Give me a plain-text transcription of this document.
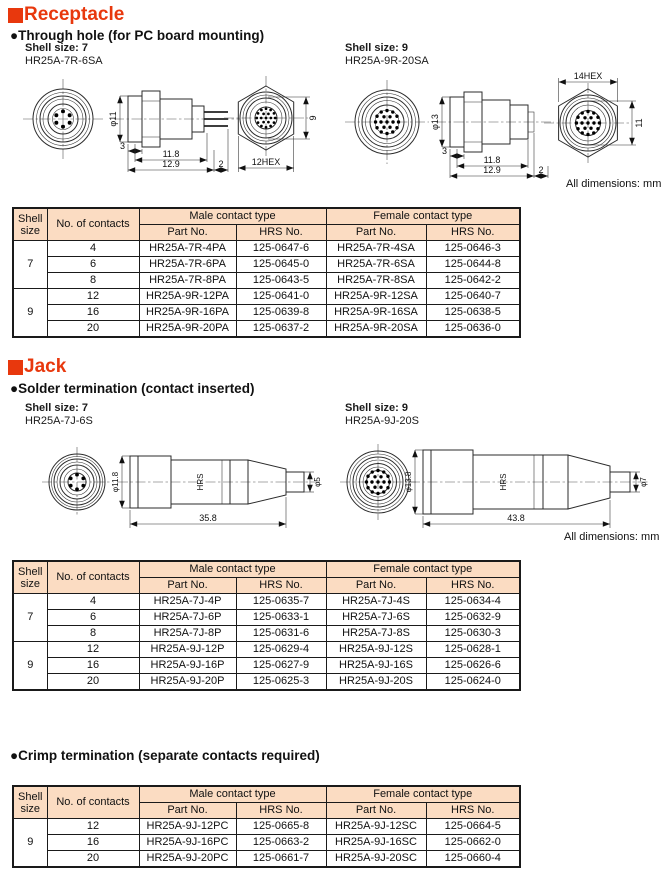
Receptacle
●Through hole (for PC board mounting)
Shell size: 7
HR25A-7R-6SA
Shell size: 9
HR25A-9R-20SA
φ11
3
11.8
12.9	2
9
12HEX
φ13
3
11.8
12.9	2
14HEX
11
All dimensions: mm
Shell size	No. of contacts	Male contact type		Female contact type	
		Part No.	HRS No.	Part No.	HRS No.
7	4	HR25A-7R-4PA	125-0647-6	HR25A-7R-4SA	125-0646-3
	6	HR25A-7R-6PA	125-0645-0	HR25A-7R-6SA	125-0644-8
	8	HR25A-7R-8PA	125-0643-5	HR25A-7R-8SA	125-0642-2
9	12	HR25A-9R-12PA	125-0641-0	HR25A-9R-12SA	125-0640-7
	16	HR25A-9R-16PA	125-0639-8	HR25A-9R-16SA	125-0638-5
	20	HR25A-9R-20PA	125-0637-2	HR25A-9R-20SA	125-0636-0
Jack
●Solder termination (contact inserted)
Shell size: 7
HR25A-7J-6S
Shell size: 9
HR25A-9J-20S
HRS
φ11.8	φ5
35.8
HRS
φ13.8	φ7
43.8
All dimensions: mm
Shell size	No. of contacts	Male contact type		Female contact type	
		Part No.	HRS No.	Part No.	HRS No.
7	4	HR25A-7J-4P	125-0635-7	HR25A-7J-4S	125-0634-4
	6	HR25A-7J-6P	125-0633-1	HR25A-7J-6S	125-0632-9
	8	HR25A-7J-8P	125-0631-6	HR25A-7J-8S	125-0630-3
9	12	HR25A-9J-12P	125-0629-4	HR25A-9J-12S	125-0628-1
	16	HR25A-9J-16P	125-0627-9	HR25A-9J-16S	125-0626-6
	20	HR25A-9J-20P	125-0625-3	HR25A-9J-20S	125-0624-0
●Crimp termination (separate contacts required)
Shell size	No. of contacts	Male contact type		Female contact type	
		Part No.	HRS No.	Part No.	HRS No.
9	12	HR25A-9J-12PC	125-0665-8	HR25A-9J-12SC	125-0664-5
	16	HR25A-9J-16PC	125-0663-2	HR25A-9J-16SC	125-0662-0
	20	HR25A-9J-20PC	125-0661-7	HR25A-9J-20SC	125-0660-4
